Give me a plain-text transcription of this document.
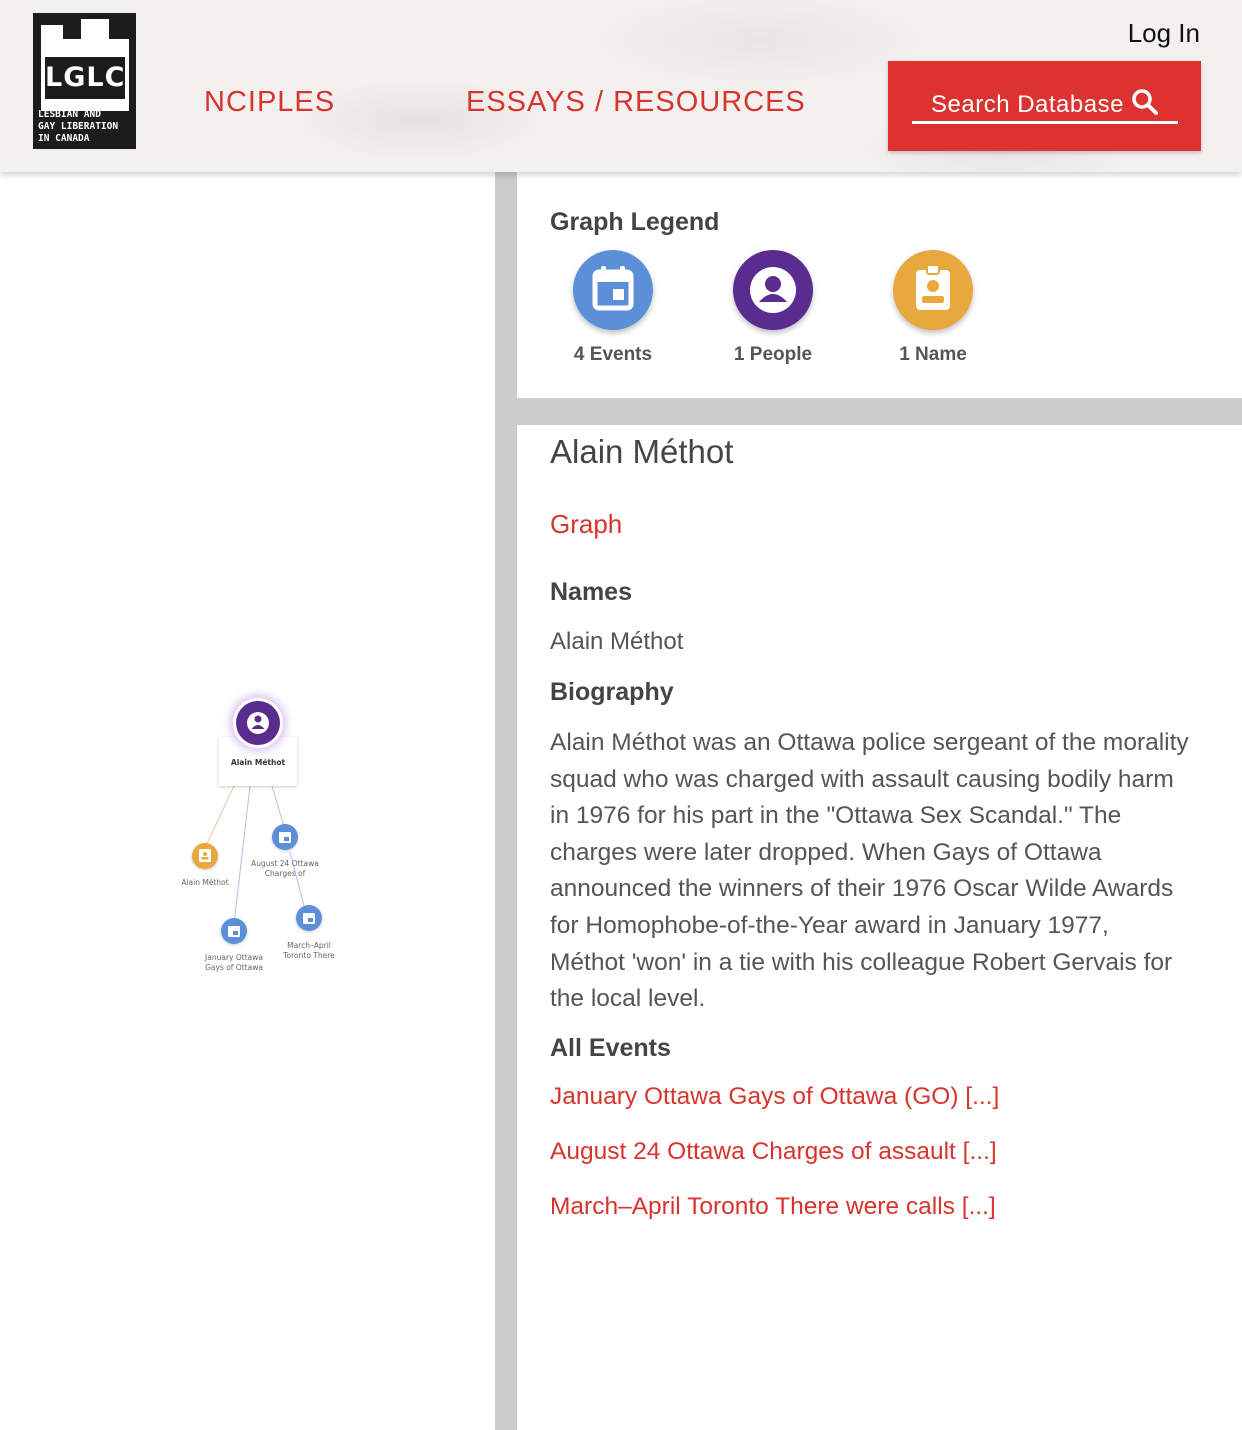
LGLC
LESBIAN AND
GAY LIBERATION
IN CANADA
NCIPLES	ESSAYS / RESOURCES
Log In
Search Database
Alain Méthot
Alain Méthot
August 24 Ottawa
Charges of
January Ottawa
Gays of Ottawa
March–April
Toronto There
Graph Legend
4 Events	1 People	1 Name
Alain Méthot
Graph
Names
Alain Méthot
Biography
Alain Méthot was an Ottawa police sergeant of the morality squad who was charged with assault causing bodily harm in 1976 for his part in the "Ottawa Sex Scandal." The charges were later dropped. When Gays of Ottawa announced the winners of their 1976 Oscar Wilde Awards for Homophobe-of-the-Year award in January 1977, Méthot 'won' in a tie with his colleague Robert Gervais for the local level.
All Events
January Ottawa Gays of Ottawa (GO) [...]
August 24 Ottawa Charges of assault [...]
March–April Toronto There were calls [...]
